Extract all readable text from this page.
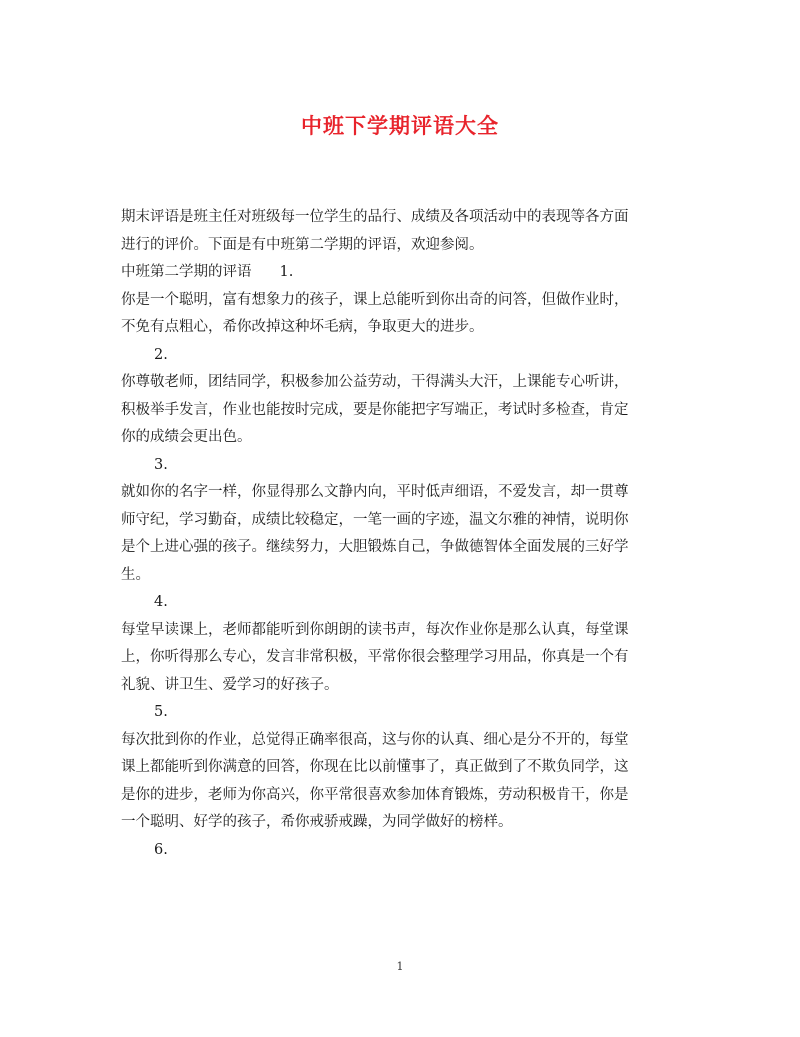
中班下学期评语大全
期末评语是班主任对班级每一位学生的品行、成绩及各项活动中的表现等各方面
进行的评价。下面是有中班第二学期的评语，欢迎参阅。
中班第二学期的评语 1.
你是一个聪明，富有想象力的孩子，课上总能听到你出奇的问答，但做作业时，
不免有点粗心，希你改掉这种坏毛病，争取更大的进步。
2.
你尊敬老师，团结同学，积极参加公益劳动，干得满头大汗，上课能专心听讲，
积极举手发言，作业也能按时完成，要是你能把字写端正，考试时多检查，肯定
你的成绩会更出色。
3.
就如你的名字一样，你显得那么文静内向，平时低声细语，不爱发言，却一贯尊
师守纪，学习勤奋，成绩比较稳定，一笔一画的字迹，温文尔雅的神情，说明你
是个上进心强的孩子。继续努力，大胆锻炼自己，争做德智体全面发展的三好学
生。
4.
每堂早读课上，老师都能听到你朗朗的读书声，每次作业你是那么认真，每堂课
上，你听得那么专心，发言非常积极，平常你很会整理学习用品，你真是一个有
礼貌、讲卫生、爱学习的好孩子。
5.
每次批到你的作业，总觉得正确率很高，这与你的认真、细心是分不开的，每堂
课上都能听到你满意的回答，你现在比以前懂事了，真正做到了不欺负同学，这
是你的进步，老师为你高兴，你平常很喜欢参加体育锻炼，劳动积极肯干，你是
一个聪明、好学的孩子，希你戒骄戒躁，为同学做好的榜样。
6.
1
